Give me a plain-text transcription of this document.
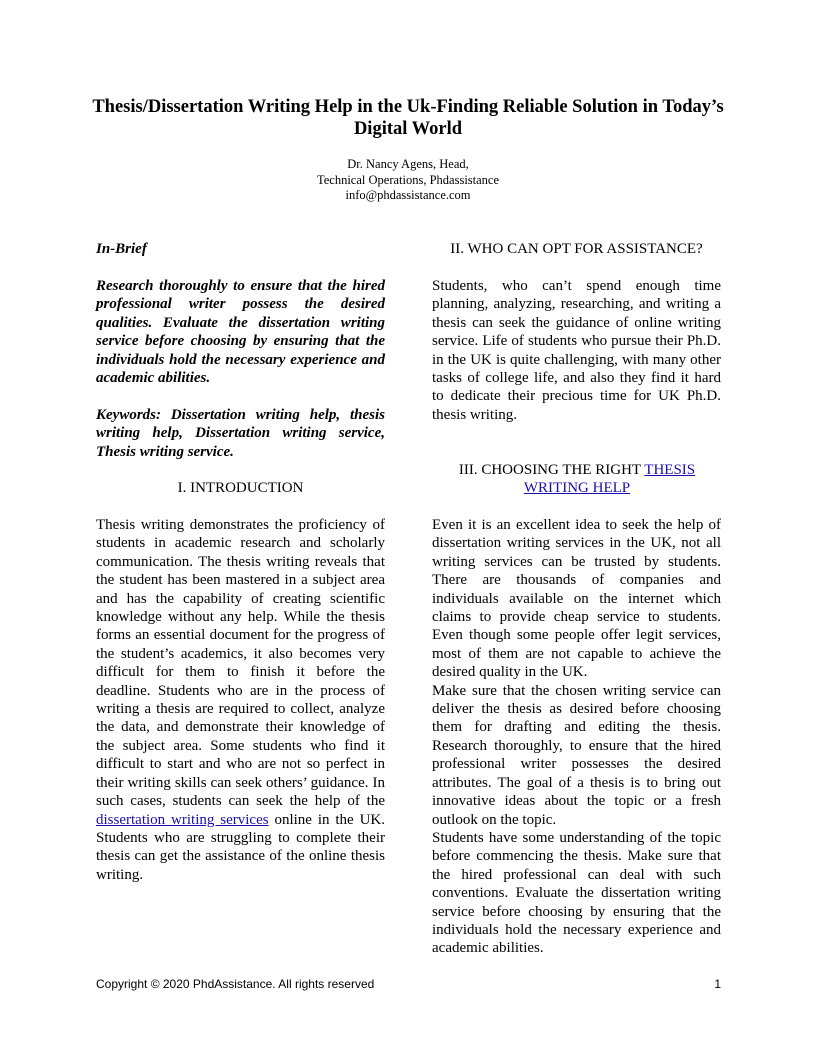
Thesis/Dissertation Writing Help in the Uk-Finding Reliable Solution in Today’s Digital World
Dr. Nancy Agens, Head,
Technical Operations, Phdassistance
info@phdassistance.com
In-Brief

Research thoroughly to ensure that the hired professional writer possess the desired qualities. Evaluate the dissertation writing service before choosing by ensuring that the individuals hold the necessary experience and academic abilities.

Keywords: Dissertation writing help, thesis writing help, Dissertation writing service, Thesis writing service.

I. INTRODUCTION

Thesis writing demonstrates the proficiency of students in academic research and scholarly communication. The thesis writing reveals that the student has been mastered in a subject area and has the capability of creating scientific knowledge without any help. While the thesis forms an essential document for the progress of the student’s academics, it also becomes very difficult for them to finish it before the deadline. Students who are in the process of writing a thesis are required to collect, analyze the data, and demonstrate their knowledge of the subject area. Some students who find it difficult to start and who are not so perfect in their writing skills can seek others’ guidance. In such cases, students can seek the help of the dissertation writing services online in the UK. Students who are struggling to complete their thesis can get the assistance of the online thesis writing.

II. WHO CAN OPT FOR ASSISTANCE?

Students, who can’t spend enough time planning, analyzing, researching, and writing a thesis can seek the guidance of online writing service. Life of students who pursue their Ph.D. in the UK is quite challenging, with many other tasks of college life, and also they find it hard to dedicate their precious time for UK Ph.D. thesis writing.

III. CHOOSING THE RIGHT THESIS WRITING HELP

Even it is an excellent idea to seek the help of dissertation writing services in the UK, not all writing services can be trusted by students. There are thousands of companies and individuals available on the internet which claims to provide cheap service to students. Even though some people offer legit services, most of them are not capable to achieve the desired quality in the UK.

Make sure that the chosen writing service can deliver the thesis as desired before choosing them for drafting and editing the thesis. Research thoroughly, to ensure that the hired professional writer possesses the desired attributes. The goal of a thesis is to bring out innovative ideas about the topic or a fresh outlook on the topic.

Students have some understanding of the topic before commencing the thesis. Make sure that the hired professional can deal with such conventions. Evaluate the dissertation writing service before choosing by ensuring that the individuals hold the necessary experience and academic abilities.

Copyright © 2020 PhdAssistance. All rights reserved	1
